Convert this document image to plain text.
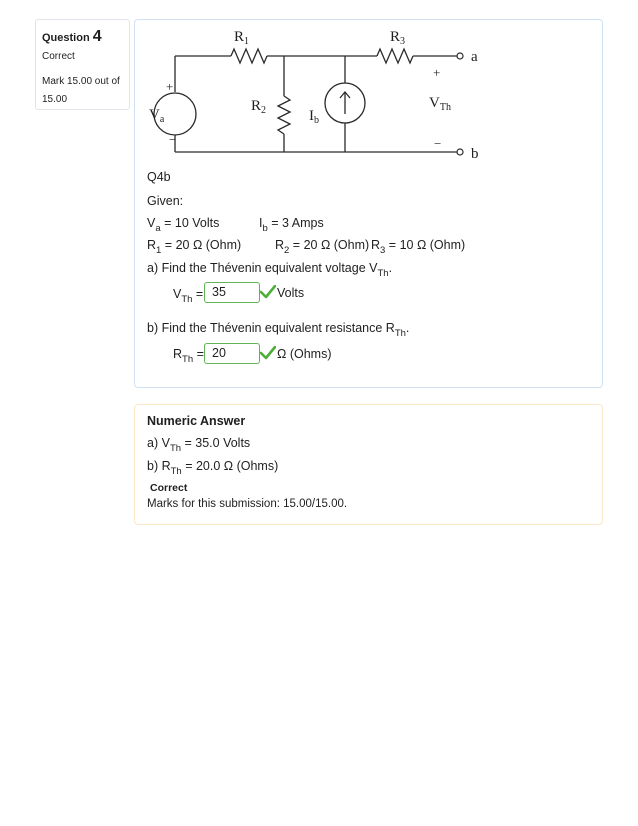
Question 4
Correct
Mark 15.00 out of 15.00
$R_1$	$R_3$
$R_2$
$V_a$	$I_b$
$V_{Th}$
a
b
+
−
+
−
Q4b
Given:
$V_a = 10$ Volts	$I_b = 3$ Amps
$R_1 = 20$ Ω (Ohm)	$R_2 = 20$ Ω (Ohm) $R_3 = 10$ Ω (Ohm)
a) Find the Thévenin equivalent voltage $V_{Th}$.
$V_{Th} = 35$	Volts
b) Find the Thévenin equivalent resistance $R_{Th}$.
$R_{Th} = 20$	Ω (Ohms)
Numeric Answer
a) $V_{Th} = 35.0$ Volts
b) $R_{Th} = 20.0$ Ω (Ohms)
Correct
Marks for this submission: 15.00/15.00.
